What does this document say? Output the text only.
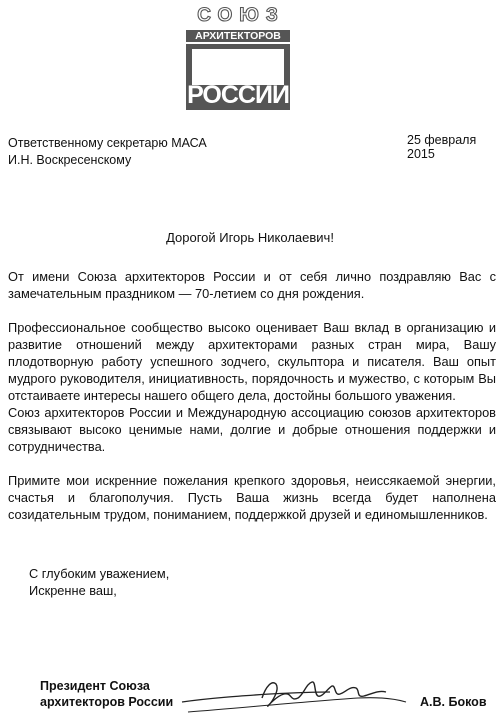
СОЮЗ
АРХИТЕКТОРОВ
РОССИИ
Ответственному секретарю МАСА
И.Н. Воскресенскому
25 февраля 2015
Дорогой Игорь Николаевич!

От имени Союза архитекторов России и от себя лично поздравляю Вас с замечательным праздником — 70-летием со дня рождения.

Профессиональное сообщество высоко оценивает Ваш вклад в организацию и развитие отношений между архитекторами разных стран мира, Вашу плодотворную работу успешного зодчего, скульптора и писателя. Ваш опыт мудрого руководителя, инициативность, порядочность и мужество, с которым Вы отстаиваете интересы нашего общего дела, достойны большого уважения.

Союз архитекторов России и Международную ассоциацию союзов архитекторов связывают высоко ценимые нами, долгие и добрые отношения поддержки и сотрудничества.

Примите мои искренние пожелания крепкого здоровья, неиссякаемой энергии, счастья и благополучия. Пусть Ваша жизнь всегда будет наполнена созидательным трудом, пониманием, поддержкой друзей и единомышленников.

С глубоким уважением,
Искренне ваш,
Президент Союза
архитекторов России	А.В. Боков
